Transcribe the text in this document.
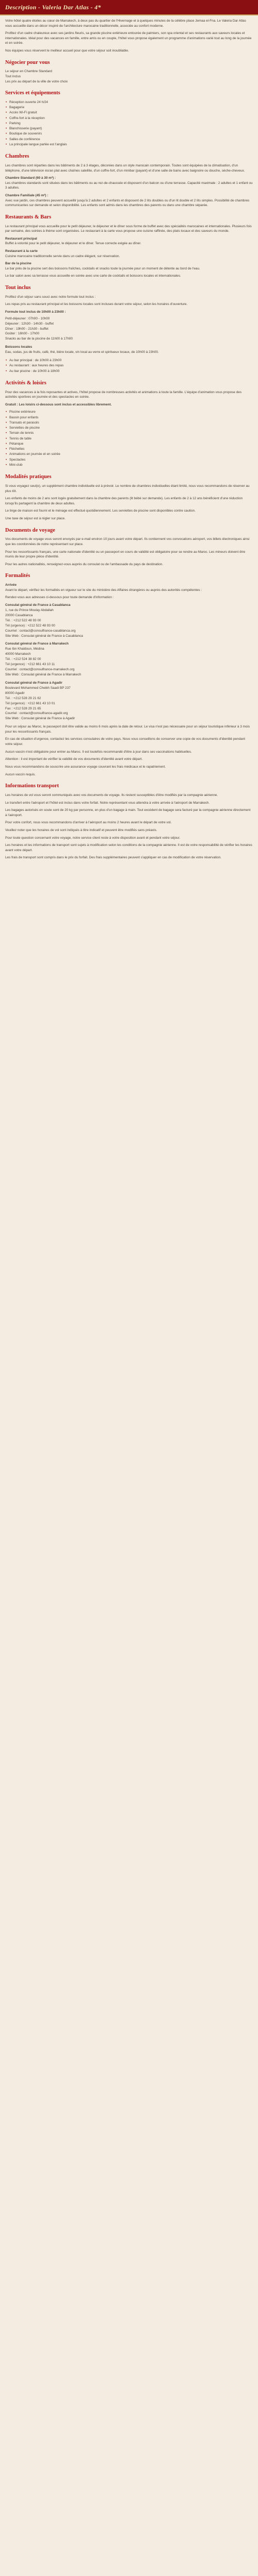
Description - Valeria Dar Atlas - 4*

Votre hôtel quatre étoiles au cœur de Marrakech, à deux pas du quartier de l'Hivernage et à quelques minutes de la célèbre place Jemaa el-Fna. Le Valeria Dar Atlas vous accueille dans un décor inspiré de l'architecture marocaine traditionnelle, associée au confort moderne.

Profitez d'un cadre chaleureux avec ses jardins fleuris, sa grande piscine extérieure entourée de palmiers, son spa oriental et ses restaurants aux saveurs locales et internationales. Idéal pour des vacances en famille, entre amis ou en couple, l'hôtel vous propose également un programme d'animations varié tout au long de la journée et en soirée.

Nos équipes vous réservent le meilleur accueil pour que votre séjour soit inoubliable.

Négocier pour vous
Le séjour en Chambre Standard
Tout inclus
Les prix au départ de la ville de votre choix
Services et équipements
• Réception ouverte 24 h/24
• Bagagerie
• Accès Wi-Fi gratuit
• Coffre-fort à la réception
• Parking
• Blanchisserie (payant)
• Boutique de souvenirs
• Salles de conférence
• La principale langue parlée est l'anglais
Chambres

Les chambres sont réparties dans les bâtiments de 2 à 3 étages, décorées dans un style marocain contemporain. Toutes sont équipées de la climatisation, d'un téléphone, d'une télévision écran plat avec chaînes satellite, d'un coffre-fort, d'un minibar (payant) et d'une salle de bains avec baignoire ou douche, sèche-cheveux.

Chambre Standard (60 à 30 m²) :

Les chambres standards sont situées dans les bâtiments ou au rez-de-chaussée et disposent d'un balcon ou d'une terrasse. Capacité maximale : 2 adultes et 1 enfant ou 3 adultes.

Chambre Familiale (45 m²) :

Avec vue jardin, ces chambres peuvent accueillir jusqu'à 2 adultes et 2 enfants et disposent de 2 lits doubles ou d'un lit double et 2 lits simples. Possibilité de chambres communicantes sur demande et selon disponibilité. Les enfants sont admis dans les chambres des parents ou dans une chambre séparée.

Restaurants & Bars

Le restaurant principal vous accueille pour le petit déjeuner, le déjeuner et le dîner sous forme de buffet avec des spécialités marocaines et internationales. Plusieurs fois par semaine, des soirées à thème sont organisées. Le restaurant à la carte vous propose une cuisine raffinée, des plats locaux et des saveurs du monde.

Restaurant principal

Buffet à volonté pour le petit déjeuner, le déjeuner et le dîner. Tenue correcte exigée au dîner.

Restaurant à la carte

Cuisine marocaine traditionnelle servie dans un cadre élégant, sur réservation.

Bar de la piscine

Le bar près de la piscine sert des boissons fraîches, cocktails et snacks toute la journée pour un moment de détente au bord de l'eau.

Le bar salon avec sa terrasse vous accueille en soirée avec une carte de cocktails et boissons locales et internationales.

Tout inclus

Profitez d'un séjour sans souci avec notre formule tout inclus :

Les repas pris au restaurant principal et les boissons locales sont incluses durant votre séjour, selon les horaires d'ouverture.

Formule tout inclus de 10h00 à 23h00 :
Petit-déjeuner : 07h00 - 10h00
Déjeuner : 12h30 - 14h30 - buffet
Dîner : 19h00 - 21h30 - buffet
Goûter : 16h00 - 17h00
Snacks au bar de la piscine de 11h00 à 17h00
Boissons locales
Eau, sodas, jus de fruits, café, thé, bière locale, vin local au verre et spiritueux locaux, de 10h00 à 23h00.
• Au bar principal : de 10h00 à 23h00
• Au restaurant : aux heures des repas
• Au bar piscine : de 10h00 à 18h00
Activités & loisirs

Pour des vacances à la fois reposantes et actives, l'hôtel propose de nombreuses activités et animations à toute la famille. L'équipe d'animation vous propose des activités sportives en journée et des spectacles en soirée.

Gratuit : Les loisirs ci-dessous sont inclus et accessibles librement.

• Piscine extérieure
• Bassin pour enfants
• Transats et parasols
• Serviettes de piscine
• Terrain de tennis
• Tennis de table
• Pétanque
• Fléchettes
• Animations en journée et en soirée
• Spectacles
• Mini-club
Modalités pratiques

Si vous voyagez seul(e), un supplément chambre individuelle est à prévoir. Le nombre de chambres individuelles étant limité, nous vous recommandons de réserver au plus tôt.

Les enfants de moins de 2 ans sont logés gratuitement dans la chambre des parents (lit bébé sur demande). Les enfants de 2 à 12 ans bénéficient d'une réduction lorsqu'ils partagent la chambre de deux adultes.

Le linge de maison est fourni et le ménage est effectué quotidiennement. Les serviettes de piscine sont disponibles contre caution.

Une taxe de séjour est à régler sur place.

Documents de voyage

Vos documents de voyage vous seront envoyés par e-mail environ 10 jours avant votre départ. Ils contiennent vos convocations aéroport, vos billets électroniques ainsi que les coordonnées de notre représentant sur place.

Pour les ressortissants français, une carte nationale d'identité ou un passeport en cours de validité est obligatoire pour se rendre au Maroc. Les mineurs doivent être munis de leur propre pièce d'identité.

Pour les autres nationalités, renseignez-vous auprès du consulat ou de l'ambassade du pays de destination.

Formalités
Arrivée

Avant le départ, vérifiez les formalités en vigueur sur le site du ministère des Affaires étrangères ou auprès des autorités compétentes :

Rendez-vous aux adresses ci-dessous pour toute demande d'information :

Consulat général de France à Casablanca
1, rue du Prince Moulay Abdallah
20000 Casablanca
Tél. : +212 522 48 93 00
Tél (urgence) : +212 522 48 93 00
Courriel : contact@consulfrance-casablanca.org
Site Web : Consulat général de France à Casablanca
Consulat général de France à Marrakech
Rue Ibn Khaldoun, Médina
40000 Marrakech
Tél. : +212 524 38 82 00
Tél (urgence) : +212 661 43 10 11
Courriel : contact@consulfrance-marrakech.org
Site Web : Consulat général de France à Marrakech
Consulat général de France à Agadir
Boulevard Mohammed Cheikh Saadi BP 237
80000 Agadir
Tél. : +212 528 29 21 62
Tél (urgence) : +212 661 43 10 01
Fax : +212 528 29 21 65
Courriel : contact@consulfrance-agadir.org
Site Web : Consulat général de France à Agadir

Pour un séjour au Maroc, le passeport doit être valide au moins 6 mois après la date de retour. Le visa n'est pas nécessaire pour un séjour touristique inférieur à 3 mois pour les ressortissants français.

En cas de situation d'urgence, contactez les services consulaires de votre pays. Nous vous conseillons de conserver une copie de vos documents d'identité pendant votre séjour.

Aucun vaccin n'est obligatoire pour entrer au Maroc. Il est toutefois recommandé d'être à jour dans ses vaccinations habituelles.

Attention : il est important de vérifier la validité de vos documents d'identité avant votre départ.

Nous vous recommandons de souscrire une assurance voyage couvrant les frais médicaux et le rapatriement.

Aucun vaccin requis.

Informations transport

Les horaires de vol vous seront communiqués avec vos documents de voyage. Ils restent susceptibles d'être modifiés par la compagnie aérienne.

Le transfert entre l'aéroport et l'hôtel est inclus dans votre forfait. Notre représentant vous attendra à votre arrivée à l'aéroport de Marrakech.

Les bagages autorisés en soute sont de 20 kg par personne, en plus d'un bagage à main. Tout excédent de bagage sera facturé par la compagnie aérienne directement à l'aéroport.

Pour votre confort, nous vous recommandons d'arriver à l'aéroport au moins 2 heures avant le départ de votre vol.

Veuillez noter que les horaires de vol sont indiqués à titre indicatif et peuvent être modifiés sans préavis.

Pour toute question concernant votre voyage, notre service client reste à votre disposition avant et pendant votre séjour.

Les horaires et les informations de transport sont sujets à modification selon les conditions de la compagnie aérienne. Il est de votre responsabilité de vérifier les horaires avant votre départ.

Les frais de transport sont compris dans le prix du forfait. Des frais supplémentaires peuvent s'appliquer en cas de modification de votre réservation.
